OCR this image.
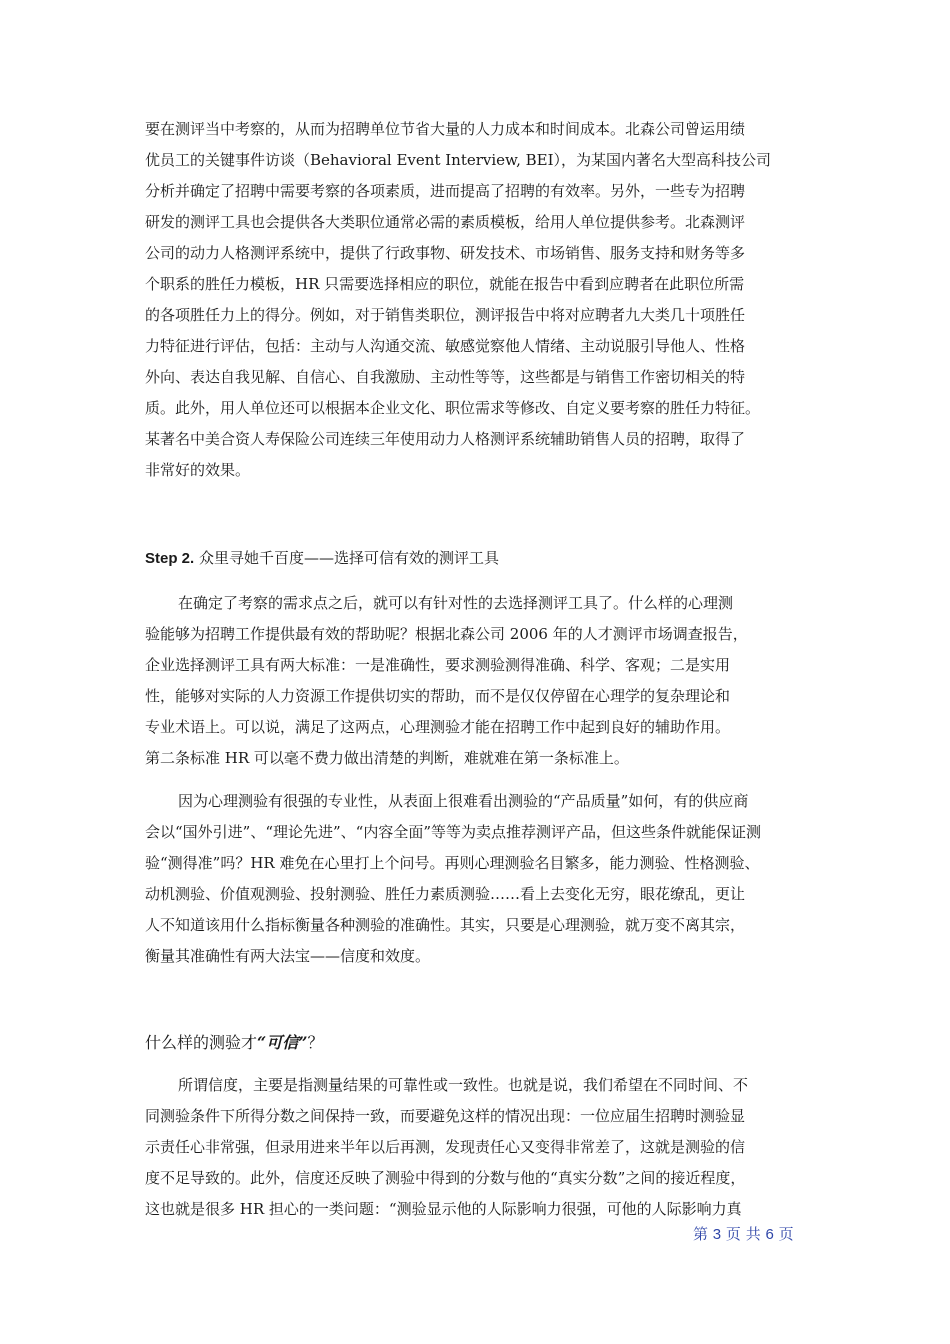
要在测评当中考察的，从而为招聘单位节省大量的人力成本和时间成本。北森公司曾运用绩
优员工的关键事件访谈（Behavioral Event Interview, BEI），为某国内著名大型高科技公司
分析并确定了招聘中需要考察的各项素质，进而提高了招聘的有效率。另外，一些专为招聘
研发的测评工具也会提供各大类职位通常必需的素质模板，给用人单位提供参考。北森测评
公司的动力人格测评系统中，提供了行政事物、研发技术、市场销售、服务支持和财务等多
个职系的胜任力模板，HR 只需要选择相应的职位，就能在报告中看到应聘者在此职位所需
的各项胜任力上的得分。例如，对于销售类职位，测评报告中将对应聘者九大类几十项胜任
力特征进行评估，包括：主动与人沟通交流、敏感觉察他人情绪、主动说服引导他人、性格
外向、表达自我见解、自信心、自我激励、主动性等等，这些都是与销售工作密切相关的特
质。此外，用人单位还可以根据本企业文化、职位需求等修改、自定义要考察的胜任力特征。
某著名中美合资人寿保险公司连续三年使用动力人格测评系统辅助销售人员的招聘，取得了
非常好的效果。

Step 2. 众里寻她千百度——选择可信有效的测评工具

在确定了考察的需求点之后，就可以有针对性的去选择测评工具了。什么样的心理测
验能够为招聘工作提供最有效的帮助呢？根据北森公司 2006 年的人才测评市场调查报告，
企业选择测评工具有两大标准：一是准确性，要求测验测得准确、科学、客观；二是实用
性，能够对实际的人力资源工作提供切实的帮助，而不是仅仅停留在心理学的复杂理论和
专业术语上。可以说，满足了这两点，心理测验才能在招聘工作中起到良好的辅助作用。
第二条标准 HR 可以毫不费力做出清楚的判断，难就难在第一条标准上。
因为心理测验有很强的专业性，从表面上很难看出测验的“产品质量”如何，有的供应商
会以“国外引进”、“理论先进”、“内容全面”等等为卖点推荐测评产品，但这些条件就能保证测
验“测得准”吗？HR 难免在心里打上个问号。再则心理测验名目繁多，能力测验、性格测验、
动机测验、价值观测验、投射测验、胜任力素质测验……看上去变化无穷，眼花缭乱，更让
人不知道该用什么指标衡量各种测验的准确性。其实，只要是心理测验，就万变不离其宗，
衡量其准确性有两大法宝——信度和效度。

什么样的测验才“可信”？

所谓信度，主要是指测量结果的可靠性或一致性。也就是说，我们希望在不同时间、不
同测验条件下所得分数之间保持一致，而要避免这样的情况出现：一位应届生招聘时测验显
示责任心非常强，但录用进来半年以后再测，发现责任心又变得非常差了，这就是测验的信
度不足导致的。此外，信度还反映了测验中得到的分数与他的“真实分数”之间的接近程度，
这也就是很多 HR 担心的一类问题：“测验显示他的人际影响力很强，可他的人际影响力真
第 3 页 共 6 页
